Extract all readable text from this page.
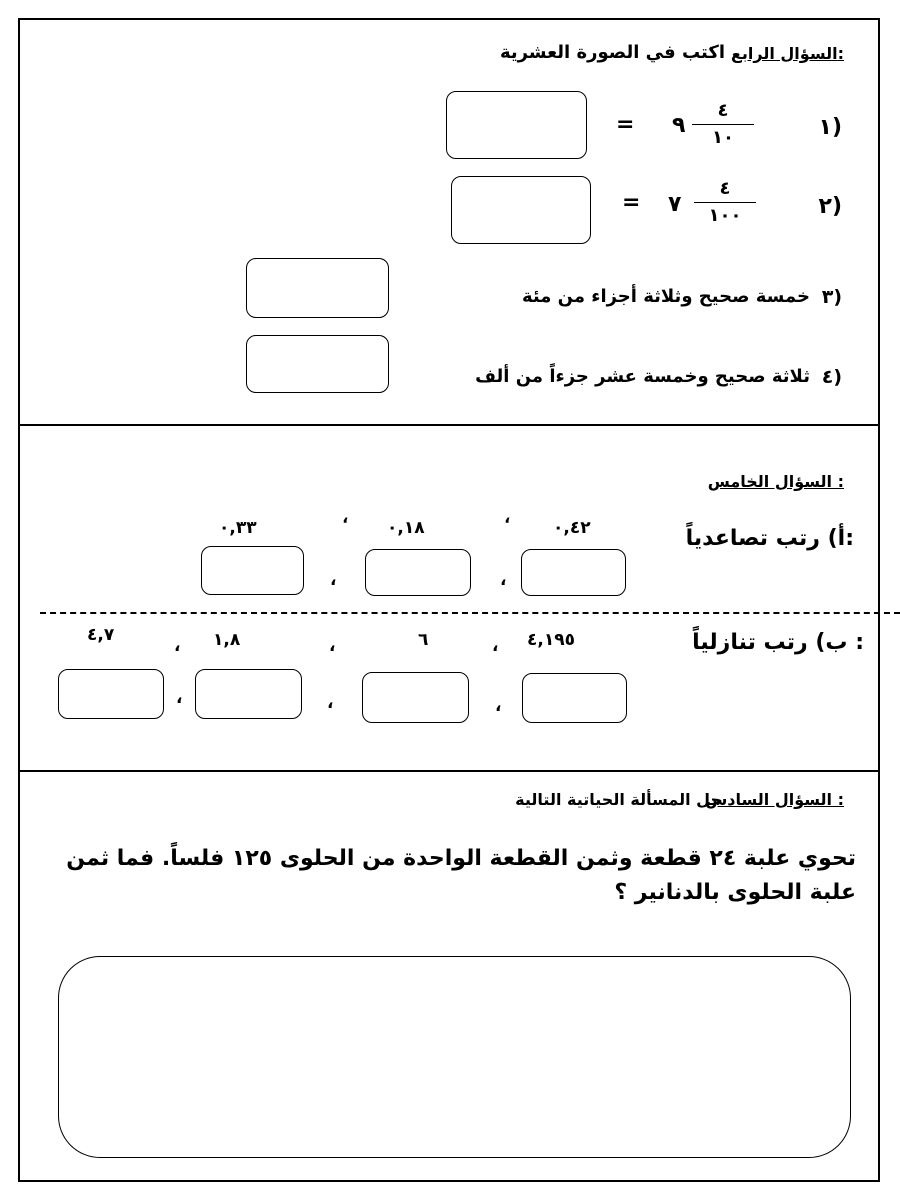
السؤال الرابع:
اكتب في الصورة العشرية
١)
٤
١٠
٩
=
٢)
٤
١٠٠
٧
=
٣)
خمسة صحيح وثلاثة أجزاء من مئة
٤)
ثلاثة صحيح وخمسة عشر جزءاً من ألف
السؤال الخامس :
أ) رتب تصاعدياً:
٠,٤٢
‘
٠,١٨
‘
٠,٣٣
،
،
ب) رتب تنازلياً :
٤,١٩٥
،
٦
،
١,٨
،
٤,٧
،
،
،
السؤال السادس :
حل المسألة الحياتية التالية
تحوي علبة ٢٤ قطعة وثمن القطعة الواحدة من الحلوى ١٢٥ فلساً. فما ثمن
علبة الحلوى بالدنانير ؟
